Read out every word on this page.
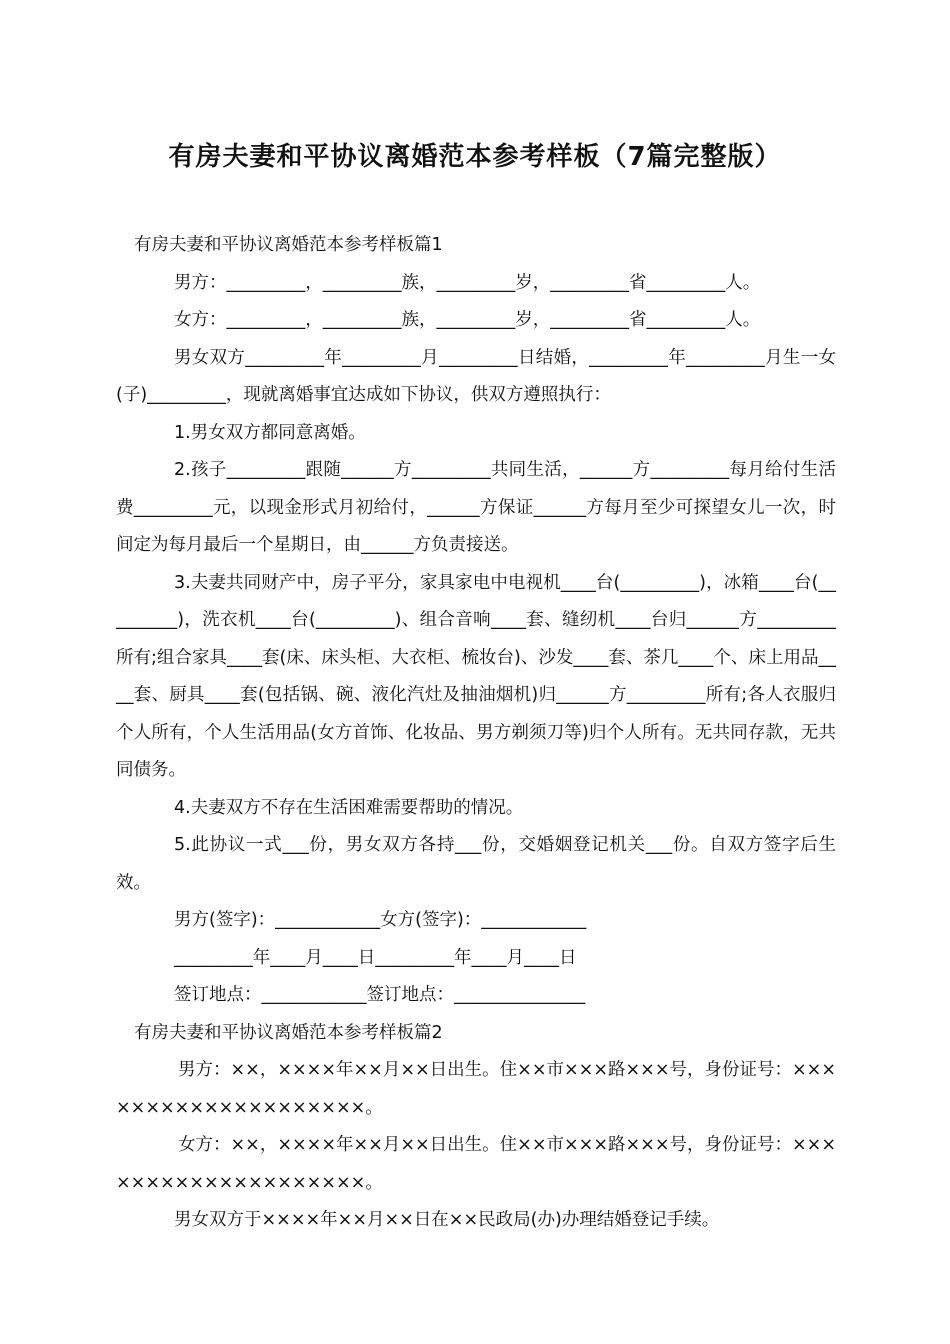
有房夫妻和平协议离婚范本参考样板（7篇完整版）

有房夫妻和平协议离婚范本参考样板篇1

男方：_________，_________族，_________岁，_________省_________人。

女方：_________，_________族，_________岁，_________省_________人。

男女双方_________年_________月_________日结婚，_________年_________月生一女(子)_________，现就离婚事宜达成如下协议，供双方遵照执行：

1.男女双方都同意离婚。

2.孩子_________跟随______方_________共同生活，______方_________每月给付生活费_________元，以现金形式月初给付，______方保证______方每月至少可探望女儿一次，时间定为每月最后一个星期日，由______方负责接送。

3.夫妻共同财产中，房子平分，家具家电中电视机____台(_________)，冰箱____台(_________)，洗衣机____台(_________)、组合音响____套、缝纫机____台归______方_________所有;组合家具____套(床、床头柜、大衣柜、梳妆台)、沙发____套、茶几____个、床上用品____套、厨具____套(包括锅、碗、液化汽灶及抽油烟机)归______方_________所有;各人衣服归个人所有，个人生活用品(女方首饰、化妆品、男方剃须刀等)归个人所有。无共同存款，无共同债务。

4.夫妻双方不存在生活困难需要帮助的情况。

5.此协议一式___份，男女双方各持___份，交婚姻登记机关___份。自双方签字后生效。

男方(签字)：____________女方(签字)：____________

_________年____月____日_________年____月____日

签订地点：____________签订地点：_______________

有房夫妻和平协议离婚范本参考样板篇2

男方：××，××××年××月××日出生。住××市×××路×××号，身份证号：××××××××××××××××××××。

女方：××，××××年××月××日出生。住××市×××路×××号，身份证号：××××××××××××××××××××。

男女双方于××××年××月××日在××民政局(办)办理结婚登记手续。
